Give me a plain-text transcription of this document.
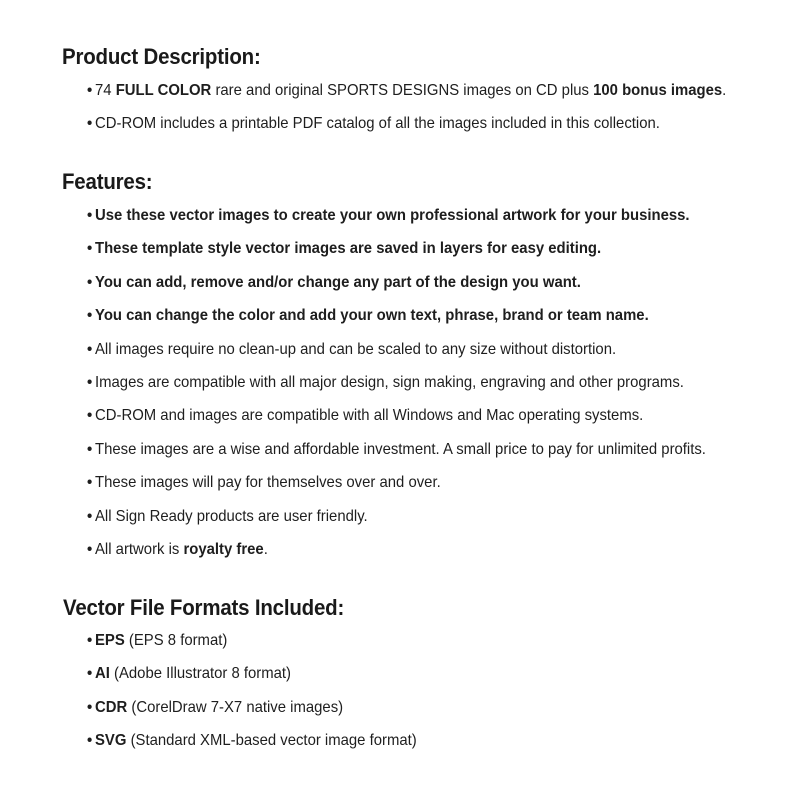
Product Description:
• 74 FULL COLOR rare and original SPORTS DESIGNS images on CD plus 100 bonus images.
• CD-ROM includes a printable PDF catalog of all the images included in this collection.
Features:
• Use these vector images to create your own professional artwork for your business.
• These template style vector images are saved in layers for easy editing.
• You can add, remove and/or change any part of the design you want.
• You can change the color and add your own text, phrase, brand or team name.
• All images require no clean-up and can be scaled to any size without distortion.
• Images are compatible with all major design, sign making, engraving and other programs.
• CD-ROM and images are compatible with all Windows and Mac operating systems.
• These images are a wise and affordable investment. A small price to pay for unlimited profits.
• These images will pay for themselves over and over.
• All Sign Ready products are user friendly.
• All artwork is royalty free.
Vector File Formats Included:
• EPS (EPS 8 format)
• AI (Adobe Illustrator 8 format)
• CDR (CorelDraw 7-X7 native images)
• SVG (Standard XML-based vector image format)
